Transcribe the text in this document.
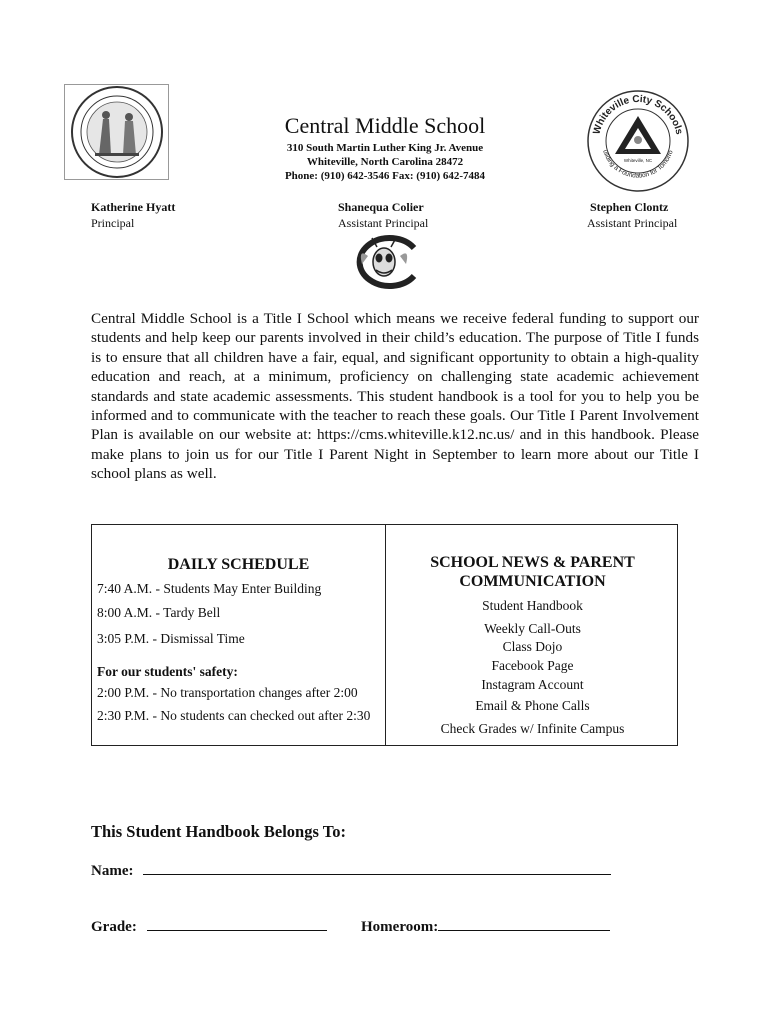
Central Middle School
310 South Martin Luther King Jr. Avenue
Whiteville, North Carolina 28472
Phone: (910) 642-3546 Fax: (910) 642-7484
Whiteville City Schools
uilding a Foundation for Tomorro
Whiteville, NC
Katherine Hyatt
Principal
Shanequa Colier
Assistant Principal
Stephen Clontz
Assistant Principal
Central Middle School is a Title I School which means we receive federal funding to support our students and help keep our parents involved in their child’s education. The purpose of Title I funds is to ensure that all children have a fair, equal, and significant opportunity to obtain a high-quality education and reach, at a minimum, proficiency on challenging state academic achievement standards and state academic assessments. This student handbook is a tool for you to help you be informed and to communicate with the teacher to reach these goals. Our Title I Parent Involvement Plan is available on our website at: https://cms.whiteville.k12.nc.us/ and in this handbook. Please make plans to join us for our Title I Parent Night in September to learn more about our Title I school plans as well.
DAILY SCHEDULE
7:40 A.M. - Students May Enter Building
8:00 A.M. - Tardy Bell
3:05 P.M. - Dismissal Time
For our students' safety:
2:00 P.M. - No transportation changes after 2:00
2:30 P.M. - No students can checked out after 2:30
SCHOOL NEWS & PARENT
COMMUNICATION
Student Handbook
Weekly Call-Outs
Class Dojo
Facebook Page
Instagram Account
Email & Phone Calls
Check Grades w/ Infinite Campus
This Student Handbook Belongs To:
Name:
Grade:	Homeroom:
